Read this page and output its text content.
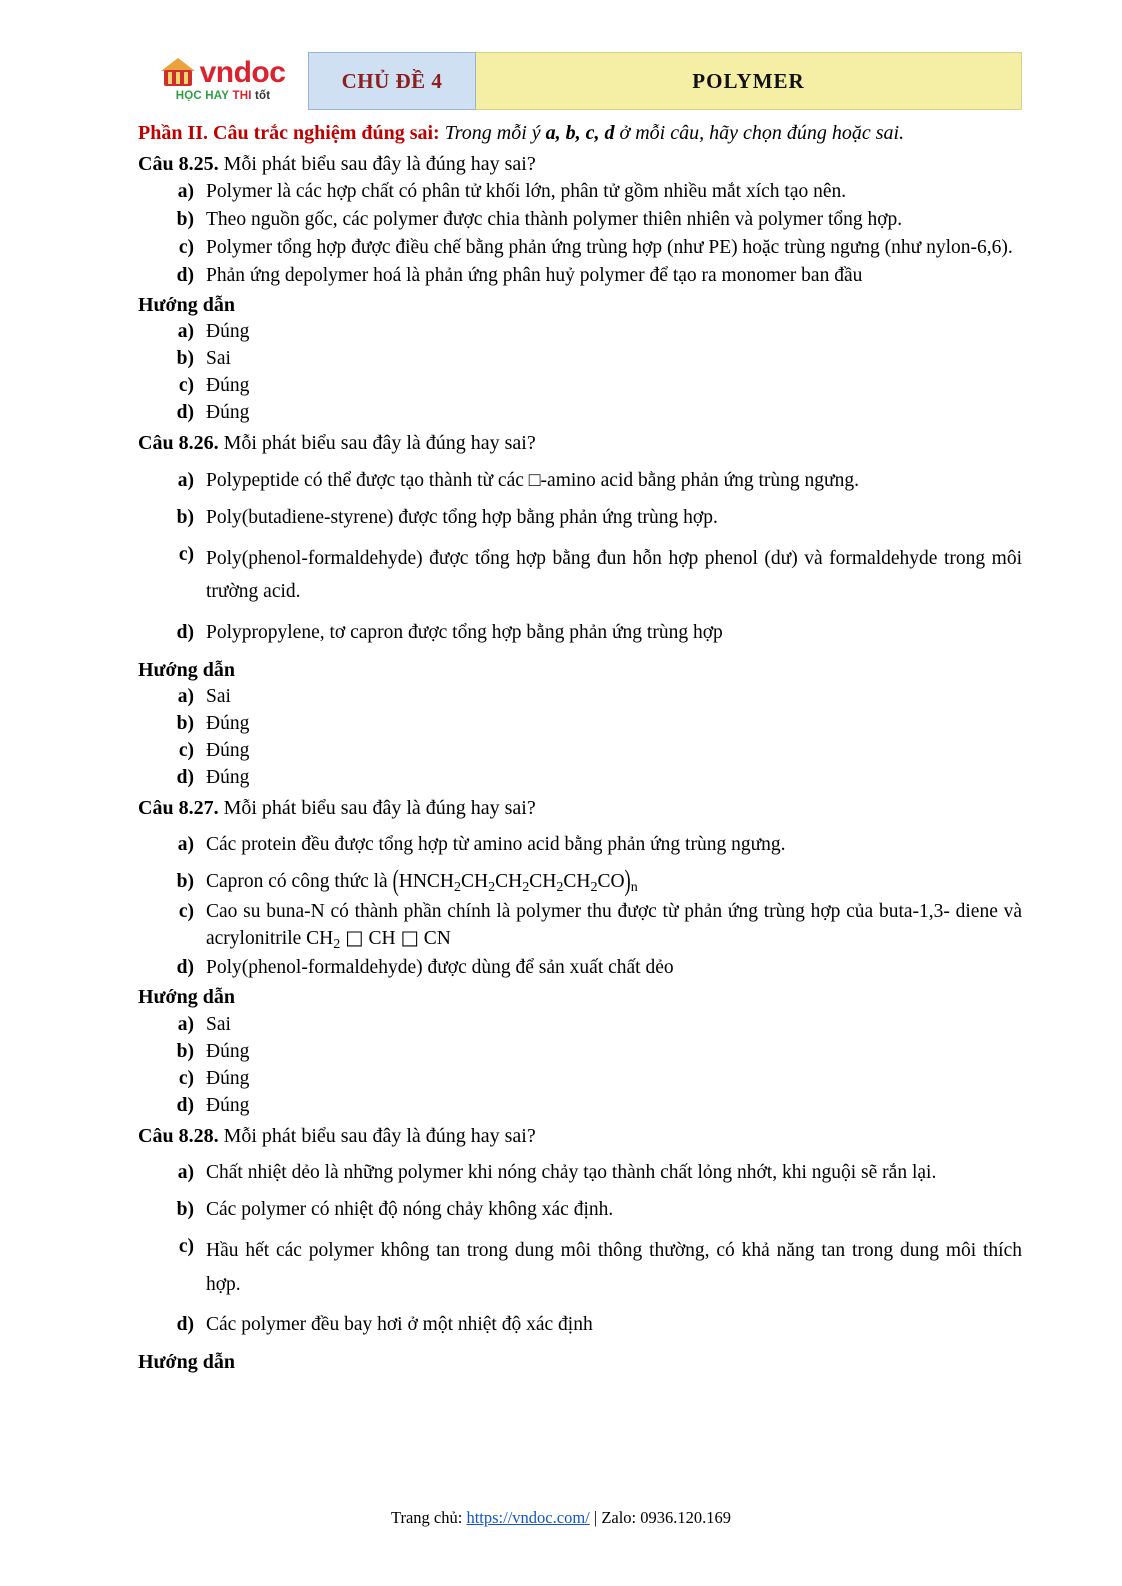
vndoc
HỌC HAY THI tốt
CHỦ ĐỀ 4	POLYMER
Phần II. Câu trắc nghiệm đúng sai: Trong mỗi ý a, b, c, d ở mỗi câu, hãy chọn đúng hoặc sai.
Câu 8.25. Mỗi phát biểu sau đây là đúng hay sai?
a) Polymer là các hợp chất có phân tử khối lớn, phân tử gồm nhiều mắt xích tạo nên.
b) Theo nguồn gốc, các polymer được chia thành polymer thiên nhiên và polymer tổng hợp.
c) Polymer tổng hợp được điều chế bằng phản ứng trùng hợp (như PE) hoặc trùng ngưng (như nylon-6,6).
d) Phản ứng depolymer hoá là phản ứng phân huỷ polymer để tạo ra monomer ban đầu
Hướng dẫn
a) Đúng
b) Sai
c) Đúng
d) Đúng
Câu 8.26. Mỗi phát biểu sau đây là đúng hay sai?
a) Polypeptide có thể được tạo thành từ các □-amino acid bằng phản ứng trùng ngưng.
b) Poly(butadiene-styrene) được tổng hợp bằng phản ứng trùng hợp.
c) Poly(phenol-formaldehyde) được tổng hợp bằng đun hỗn hợp phenol (dư) và formaldehyde trong môi trường acid.
d) Polypropylene, tơ capron được tổng hợp bằng phản ứng trùng hợp
Hướng dẫn
a) Sai
b) Đúng
c) Đúng
d) Đúng
Câu 8.27. Mỗi phát biểu sau đây là đúng hay sai?
a) Các protein đều được tổng hợp từ amino acid bằng phản ứng trùng ngưng.
b) Capron có công thức là $(HNCH_2CH_2CH_2CH_2CH_2CO)_n$
c) Cao su buna-N có thành phần chính là polymer thu được từ phản ứng trùng hợp của buta-1,3- diene và acrylonitrile $CH_2$ □ CH □ CN
d) Poly(phenol-formaldehyde) được dùng để sản xuất chất dẻo
Hướng dẫn
a) Sai
b) Đúng
c) Đúng
d) Đúng
Câu 8.28. Mỗi phát biểu sau đây là đúng hay sai?
a) Chất nhiệt dẻo là những polymer khi nóng chảy tạo thành chất lỏng nhớt, khi nguội sẽ rắn lại.
b) Các polymer có nhiệt độ nóng chảy không xác định.
c) Hầu hết các polymer không tan trong dung môi thông thường, có khả năng tan trong dung môi thích hợp.
d) Các polymer đều bay hơi ở một nhiệt độ xác định
Hướng dẫn
Trang chủ: https://vndoc.com/ | Zalo: 0936.120.169
